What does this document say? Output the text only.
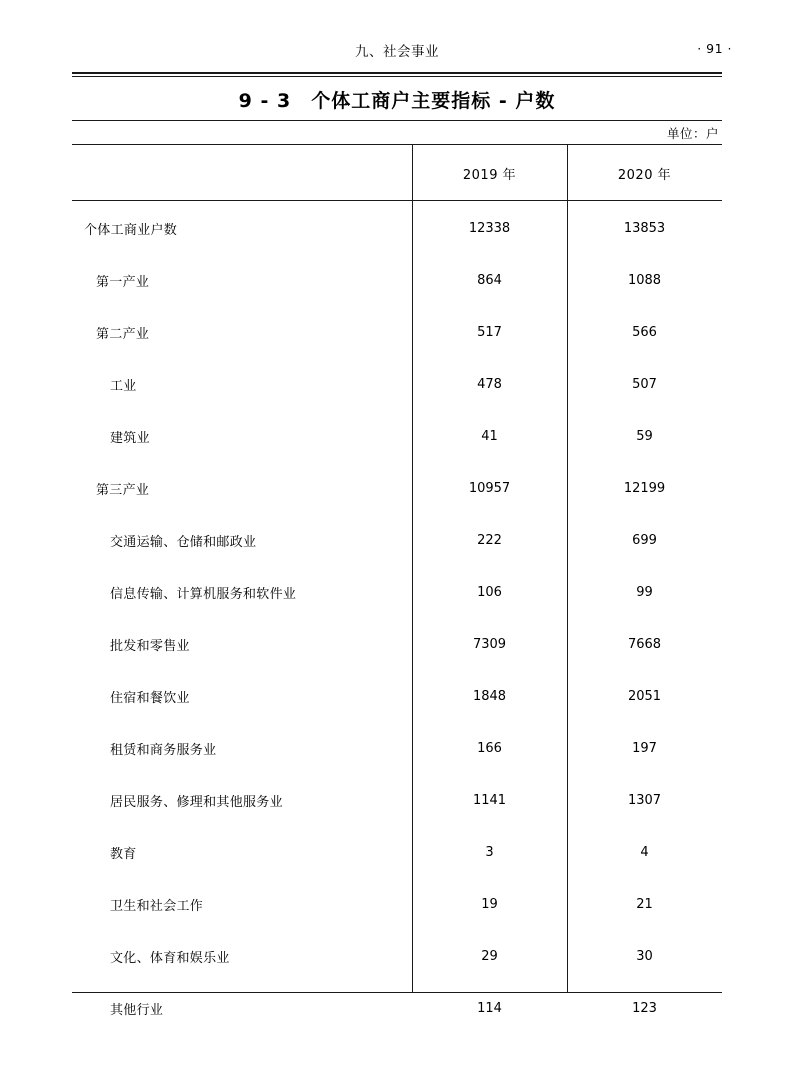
九、社会事业	· 91 ·
9 - 3　个体工商户主要指标 - 户数
单位：户
	2019 年	2020 年
个体工商业户数	12338	13853
第一产业	864	1088
第二产业	517	566
工业	478	507
建筑业	41	59
第三产业	10957	12199
交通运输、仓储和邮政业	222	699
信息传输、计算机服务和软件业	106	99
批发和零售业	7309	7668
住宿和餐饮业	1848	2051
租赁和商务服务业	166	197
居民服务、修理和其他服务业	1141	1307
教育	3	4
卫生和社会工作	19	21
文化、体育和娱乐业	29	30
其他行业	114	123
